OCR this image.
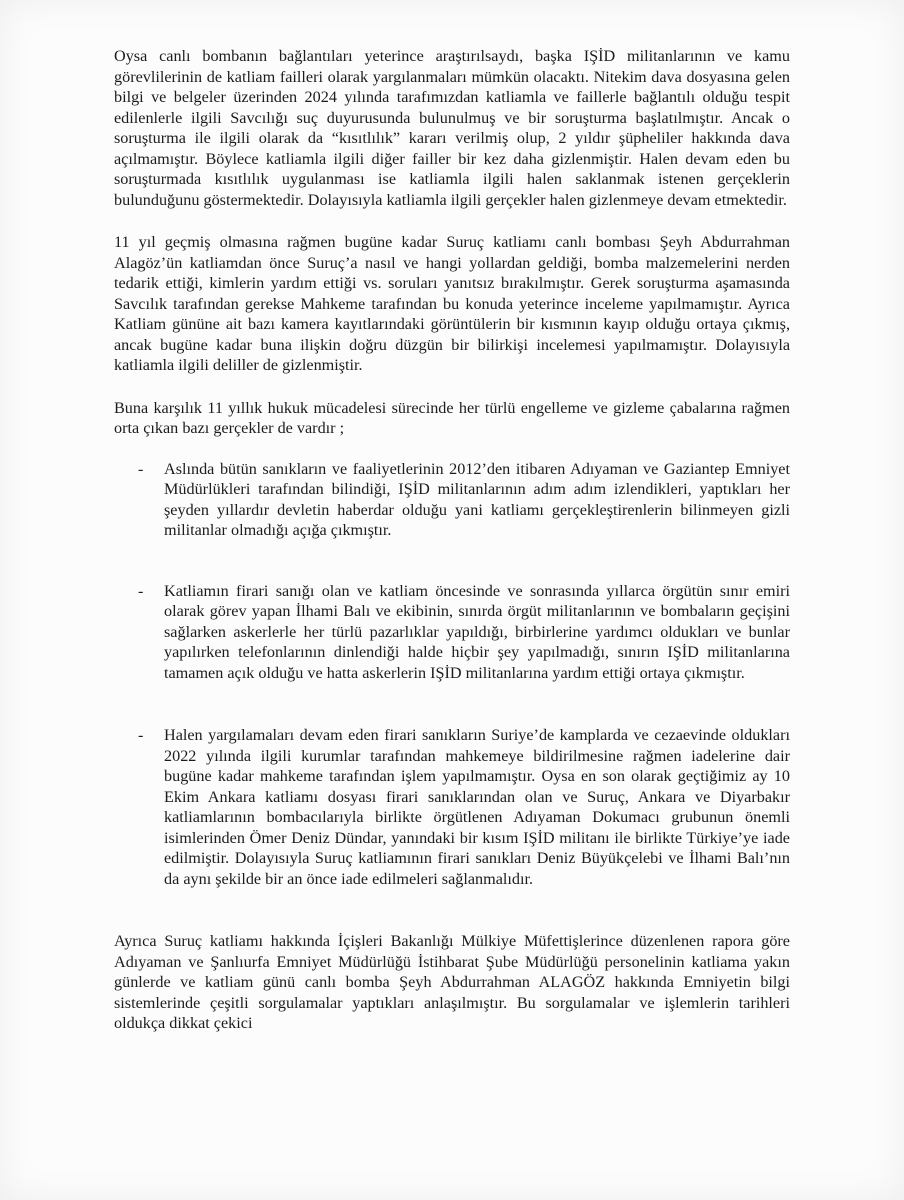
Oysa canlı bombanın bağlantıları yeterince araştırılsaydı, başka IŞİD militanlarının ve kamu görevlilerinin de katliam failleri olarak yargılanmaları mümkün olacaktı. Nitekim dava dosyasına gelen bilgi ve belgeler üzerinden 2024 yılında tarafımızdan katliamla ve faillerle bağlantılı olduğu tespit edilenlerle ilgili Savcılığı suç duyurusunda bulunulmuş ve bir soruşturma başlatılmıştır. Ancak o soruşturma ile ilgili olarak da “kısıtlılık” kararı verilmiş olup, 2 yıldır şüpheliler hakkında dava açılmamıştır. Böylece katliamla ilgili diğer failler bir kez daha gizlenmiştir. Halen devam eden bu soruşturmada kısıtlılık uygulanması ise katliamla ilgili halen saklanmak istenen gerçeklerin bulunduğunu göstermektedir. Dolayısıyla katliamla ilgili gerçekler halen gizlenmeye devam etmektedir.

11 yıl geçmiş olmasına rağmen bugüne kadar Suruç katliamı canlı bombası Şeyh Abdurrahman Alagöz’ün katliamdan önce Suruç’a nasıl ve hangi yollardan geldiği, bomba malzemelerini nerden tedarik ettiği, kimlerin yardım ettiği vs. soruları yanıtsız bırakılmıştır. Gerek soruşturma aşamasında Savcılık tarafından gerekse Mahkeme tarafından bu konuda yeterince inceleme yapılmamıştır. Ayrıca Katliam gününe ait bazı kamera kayıtlarındaki görüntülerin bir kısmının kayıp olduğu ortaya çıkmış, ancak bugüne kadar buna ilişkin doğru düzgün bir bilirkişi incelemesi yapılmamıştır. Dolayısıyla katliamla ilgili deliller de gizlenmiştir.

Buna karşılık 11 yıllık hukuk mücadelesi sürecinde her türlü engelleme ve gizleme çabalarına rağmen orta çıkan bazı gerçekler de vardır ;

- Aslında bütün sanıkların ve faaliyetlerinin 2012’den itibaren Adıyaman ve Gaziantep Emniyet Müdürlükleri tarafından bilindiği, IŞİD militanlarının adım adım izlendikleri, yaptıkları her şeyden yıllardır devletin haberdar olduğu yani katliamı gerçekleştirenlerin bilinmeyen gizli militanlar olmadığı açığa çıkmıştır.

- Katliamın firari sanığı olan ve katliam öncesinde ve sonrasında yıllarca örgütün sınır emiri olarak görev yapan İlhami Balı ve ekibinin, sınırda örgüt militanlarının ve bombaların geçişini sağlarken askerlerle her türlü pazarlıklar yapıldığı, birbirlerine yardımcı oldukları ve bunlar yapılırken telefonlarının dinlendiği halde hiçbir şey yapılmadığı, sınırın IŞİD militanlarına tamamen açık olduğu ve hatta askerlerin IŞİD militanlarına yardım ettiği ortaya çıkmıştır.

- Halen yargılamaları devam eden firari sanıkların Suriye’de kamplarda ve cezaevinde oldukları 2022 yılında ilgili kurumlar tarafından mahkemeye bildirilmesine rağmen iadelerine dair bugüne kadar mahkeme tarafından işlem yapılmamıştır. Oysa en son olarak geçtiğimiz ay 10 Ekim Ankara katliamı dosyası firari sanıklarından olan ve Suruç, Ankara ve Diyarbakır katliamlarının bombacılarıyla birlikte örgütlenen Adıyaman Dokumacı grubunun önemli isimlerinden Ömer Deniz Dündar, yanındaki bir kısım IŞİD militanı ile birlikte Türkiye’ye iade edilmiştir. Dolayısıyla Suruç katliamının firari sanıkları Deniz Büyükçelebi ve İlhami Balı’nın da aynı şekilde bir an önce iade edilmeleri sağlanmalıdır.

Ayrıca Suruç katliamı hakkında İçişleri Bakanlığı Mülkiye Müfettişlerince düzenlenen rapora göre Adıyaman ve Şanlıurfa Emniyet Müdürlüğü İstihbarat Şube Müdürlüğü personelinin katliama yakın günlerde ve katliam günü canlı bomba Şeyh Abdurrahman ALAGÖZ hakkında Emniyetin bilgi sistemlerinde çeşitli sorgulamalar yaptıkları anlaşılmıştır. Bu sorgulamalar ve işlemlerin tarihleri oldukça dikkat çekici
